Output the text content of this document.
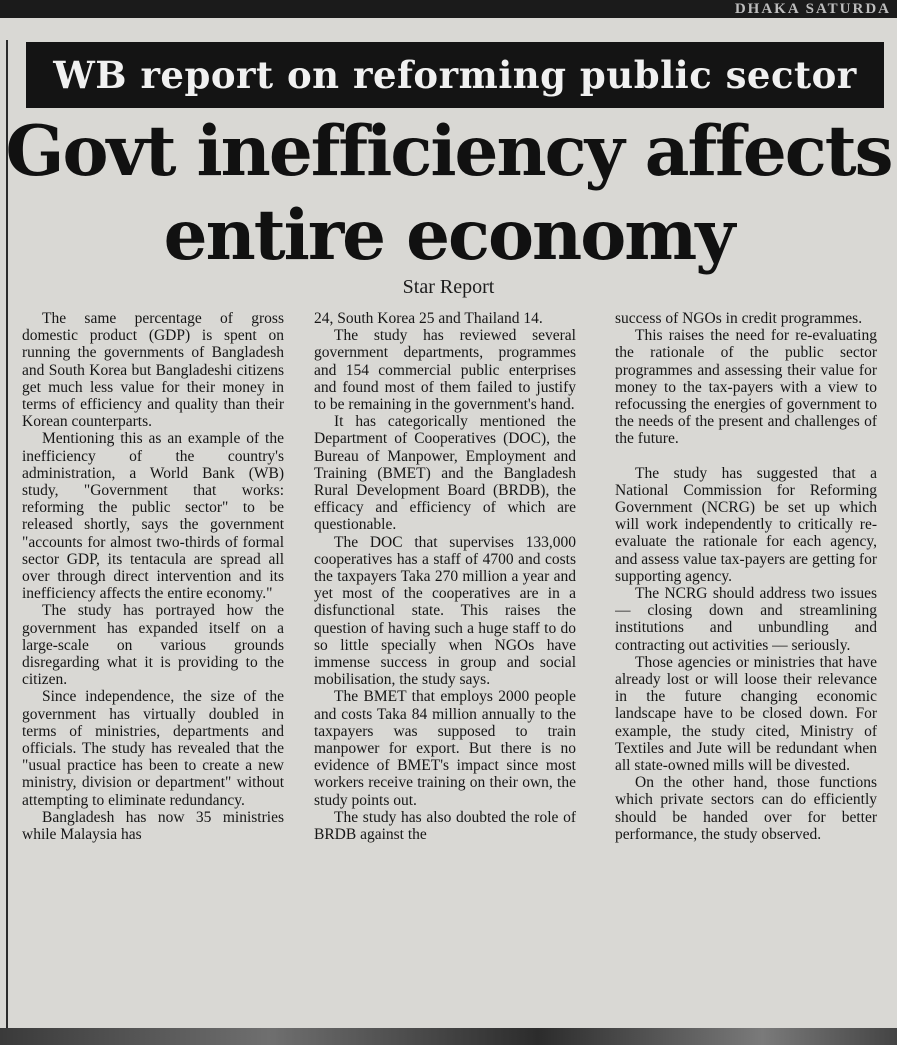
DHAKA SATURDA
WB report on reforming public sector
Govt inefficiency affects entire economy
Star Report

The same percentage of gross domestic product (GDP) is spent on running the governments of Bangladesh and South Korea but Bangladeshi citizens get much less value for their money in terms of efficiency and quality than their Korean counterparts.

Mentioning this as an example of the inefficiency of the country's administration, a World Bank (WB) study, "Government that works: reforming the public sector" to be released shortly, says the government "accounts for almost two-thirds of formal sector GDP, its tentacula are spread all over through direct intervention and its inefficiency affects the entire economy."

The study has portrayed how the government has expanded itself on a large-scale on various grounds disregarding what it is providing to the citizen.

Since independence, the size of the government has virtually doubled in terms of ministries, departments and officials. The study has revealed that the "usual practice has been to create a new ministry, division or department" without attempting to eliminate redundancy.

Bangladesh has now 35 ministries while Malaysia has

24, South Korea 25 and Thailand 14.

The study has reviewed several government departments, programmes and 154 commercial public enterprises and found most of them failed to justify to be remaining in the government's hand.

It has categorically mentioned the Department of Cooperatives (DOC), the Bureau of Manpower, Employment and Training (BMET) and the Bangladesh Rural Development Board (BRDB), the efficacy and efficiency of which are questionable.

The DOC that supervises 133,000 cooperatives has a staff of 4700 and costs the taxpayers Taka 270 million a year and yet most of the cooperatives are in a disfunctional state. This raises the question of having such a huge staff to do so little specially when NGOs have immense success in group and social mobilisation, the study says.

The BMET that employs 2000 people and costs Taka 84 million annually to the taxpayers was supposed to train manpower for export. But there is no evidence of BMET's impact since most workers receive training on their own, the study points out.

The study has also doubted the role of BRDB against the

success of NGOs in credit programmes.

This raises the need for re-evaluating the rationale of the public sector programmes and assessing their value for money to the tax-payers with a view to refocussing the energies of government to the needs of the present and challenges of the future.

The study has suggested that a National Commission for Reforming Government (NCRG) be set up which will work independently to critically re-evaluate the rationale for each agency, and assess value tax-payers are getting for supporting agency.

The NCRG should address two issues — closing down and streamlining institutions and unbundling and contracting out activities — seriously.

Those agencies or ministries that have already lost or will loose their relevance in the future changing economic landscape have to be closed down. For example, the study cited, Ministry of Textiles and Jute will be redundant when all state-owned mills will be divested.

On the other hand, those functions which private sectors can do efficiently should be handed over for better performance, the study observed.
